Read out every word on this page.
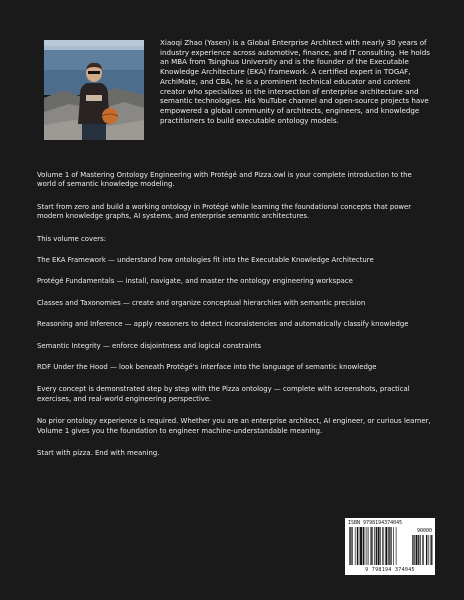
Xiaoqi Zhao (Yasen) is a Global Enterprise Architect with nearly 30 years of industry experience across automotive, finance, and IT consulting. He holds an MBA from Tsinghua University and is the founder of the Executable Knowledge Architecture (EKA) framework. A certified expert in TOGAF, ArchiMate, and CBA, he is a prominent technical educator and content creator who specializes in the intersection of enterprise architecture and semantic technologies. His YouTube channel and open-source projects have empowered a global community of architects, engineers, and knowledge practitioners to build executable ontology models.

Volume 1 of Mastering Ontology Engineering with Protégé and Pizza.owl is your complete introduction to the world of semantic knowledge modeling.

Start from zero and build a working ontology in Protégé while learning the foundational concepts that power modern knowledge graphs, AI systems, and enterprise semantic architectures.

This volume covers:

The EKA Framework — understand how ontologies fit into the Executable Knowledge Architecture

Protégé Fundamentals — install, navigate, and master the ontology engineering workspace

Classes and Taxonomies — create and organize conceptual hierarchies with semantic precision

Reasoning and Inference — apply reasoners to detect inconsistencies and automatically classify knowledge

Semantic Integrity — enforce disjointness and logical constraints

RDF Under the Hood — look beneath Protégé's interface into the language of semantic knowledge

Every concept is demonstrated step by step with the Pizza ontology — complete with screenshots, practical exercises, and real-world engineering perspective.

No prior ontology experience is required. Whether you are an enterprise architect, AI engineer, or curious learner, Volume 1 gives you the foundation to engineer machine-understandable meaning.

Start with pizza. End with meaning.

ISBN 9798194374045
90000
9 798194 374045
